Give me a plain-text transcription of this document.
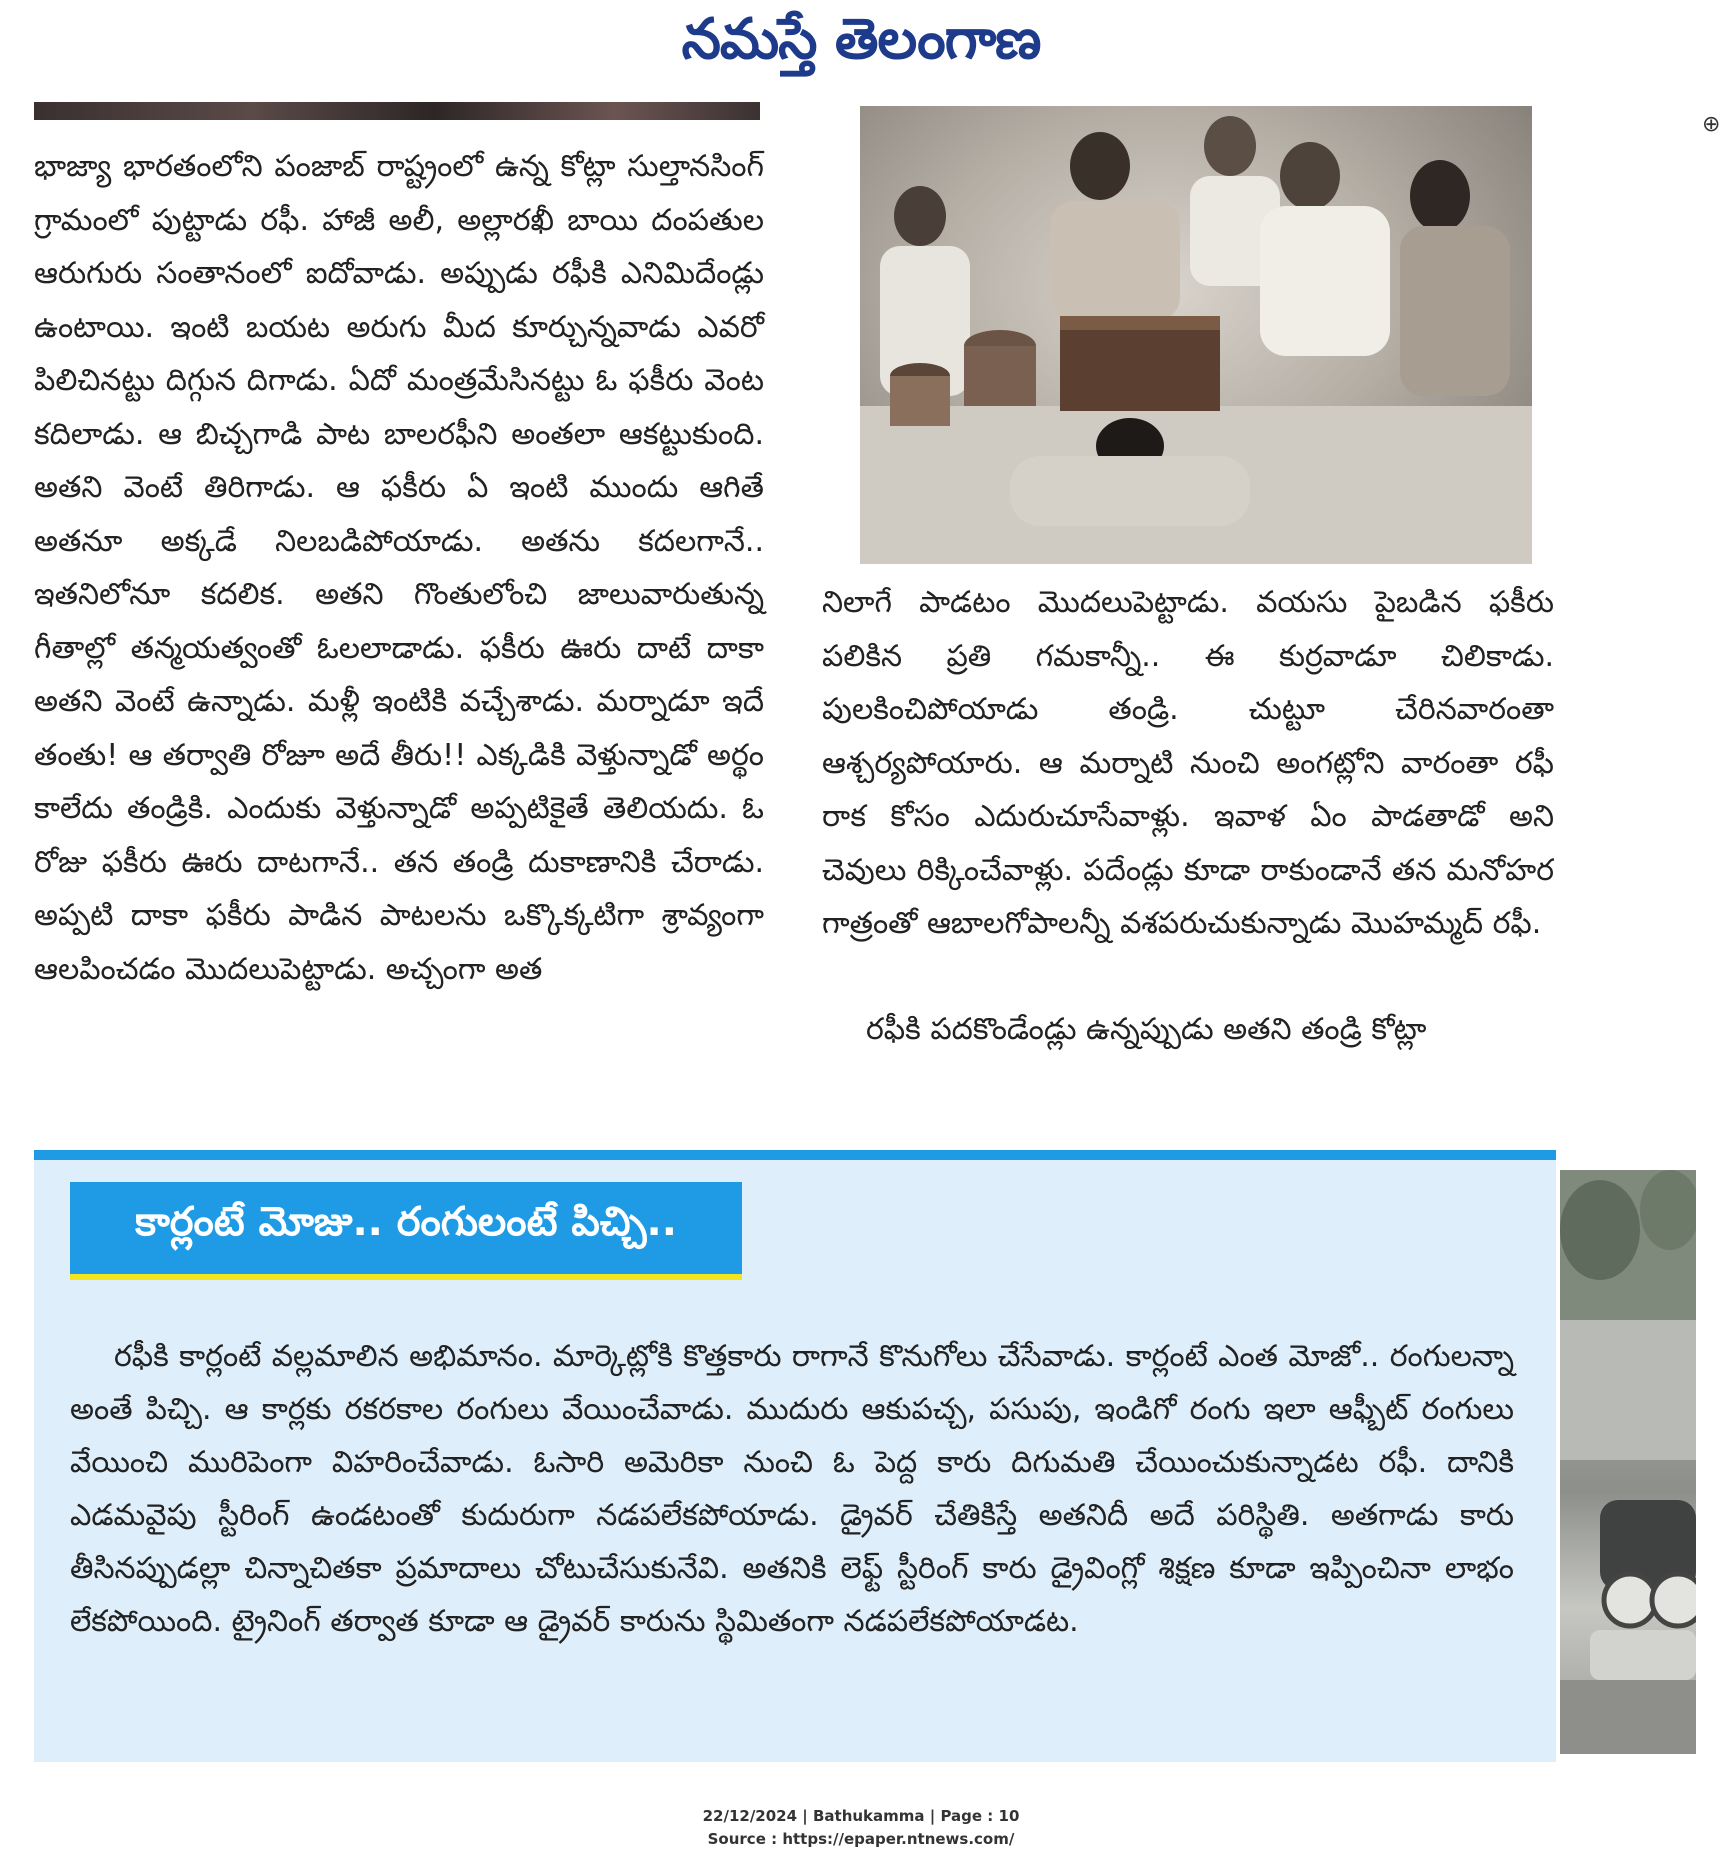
నమస్తే తెలంగాణ
⊕

భాజ్యా భారతంలోని పంజాబ్ రాష్ట్రంలో ఉన్న కోట్లా సుల్తానసింగ్ గ్రామంలో పుట్టాడు రఫీ. హాజీ అలీ, అల్లారఖీ బాయి దంపతుల ఆరుగురు సంతానంలో ఐదోవాడు. అప్పుడు రఫీకి ఎనిమిదేండ్లు ఉంటాయి. ఇంటి బయట అరుగు మీద కూర్చున్నవాడు ఎవరో పిలిచినట్టు దిగ్గున దిగాడు. ఏదో మంత్రమేసినట్టు ఓ ఫకీరు వెంట కదిలాడు. ఆ బిచ్చగాడి పాట బాలరఫీని అంతలా ఆకట్టుకుంది. అతని వెంటే తిరిగాడు. ఆ ఫకీరు ఏ ఇంటి ముందు ఆగితే అతనూ అక్కడే నిలబడిపోయాడు. అతను కదలగానే.. ఇతనిలోనూ కదలిక. అతని గొంతులోంచి జాలువారుతున్న గీతాల్లో తన్మయత్వంతో ఓలలాడాడు. ఫకీరు ఊరు దాటే దాకా అతని వెంటే ఉన్నాడు. మళ్లీ ఇంటికి వచ్చేశాడు. మర్నాడూ ఇదే తంతు! ఆ తర్వాతి రోజూ అదే తీరు!! ఎక్కడికి వెళ్తున్నాడో అర్థం కాలేదు తండ్రికి. ఎందుకు వెళ్తున్నాడో అప్పటికైతే తెలియదు. ఓ రోజు ఫకీరు ఊరు దాటగానే.. తన తండ్రి దుకాణానికి చేరాడు. అప్పటి దాకా ఫకీరు పాడిన పాటలను ఒక్కొక్కటిగా శ్రావ్యంగా ఆలపించడం మొదలుపెట్టాడు. అచ్చంగా అత

నిలాగే పాడటం మొదలుపెట్టాడు. వయసు పైబడిన ఫకీరు పలికిన ప్రతి గమకాన్నీ.. ఈ కుర్రవాడూ చిలికాడు. పులకించిపోయాడు తండ్రి. చుట్టూ చేరినవారంతా ఆశ్చర్యపోయారు. ఆ మర్నాటి నుంచి అంగట్లోని వారంతా రఫీ రాక కోసం ఎదురుచూసేవాళ్లు. ఇవాళ ఏం పాడతాడో అని చెవులు రిక్కించేవాళ్లు. పదేండ్లు కూడా రాకుండానే తన మనోహర గాత్రంతో ఆబాలగోపాలన్నీ వశపరుచుకున్నాడు మొహమ్మద్ రఫీ.

రఫీకి పదకొండేండ్లు ఉన్నప్పుడు అతని తండ్రి కోట్లా

కార్లంటే మోజు.. రంగులంటే పిచ్చి..

రఫీకి కార్లంటే వల్లమాలిన అభిమానం. మార్కెట్లోకి కొత్తకారు రాగానే కొనుగోలు చేసేవాడు. కార్లంటే ఎంత మోజో.. రంగులన్నా అంతే పిచ్చి. ఆ కార్లకు రకరకాల రంగులు వేయించేవాడు. ముదురు ఆకుపచ్చ, పసుపు, ఇండిగో రంగు ఇలా ఆఫ్బీట్ రంగులు వేయించి మురిపెంగా విహరించేవాడు. ఓసారి అమెరికా నుంచి ఓ పెద్ద కారు దిగుమతి చేయించుకున్నాడట రఫీ. దానికి ఎడమవైపు స్టీరింగ్ ఉండటంతో కుదురుగా నడపలేకపోయాడు. డ్రైవర్ చేతికిస్తే అతనిదీ అదే పరిస్థితి. అతగాడు కారు తీసినప్పుడల్లా చిన్నాచితకా ప్రమాదాలు చోటుచేసుకునేవి. అతనికి లెఫ్ట్ స్టీరింగ్ కారు డ్రైవింగ్లో శిక్షణ కూడా ఇప్పించినా లాభం లేకపోయింది. ట్రైనింగ్ తర్వాత కూడా ఆ డ్రైవర్ కారును స్థిమితంగా నడపలేకపోయాడట.

22/12/2024 | Bathukamma | Page : 10
Source : https://epaper.ntnews.com/
